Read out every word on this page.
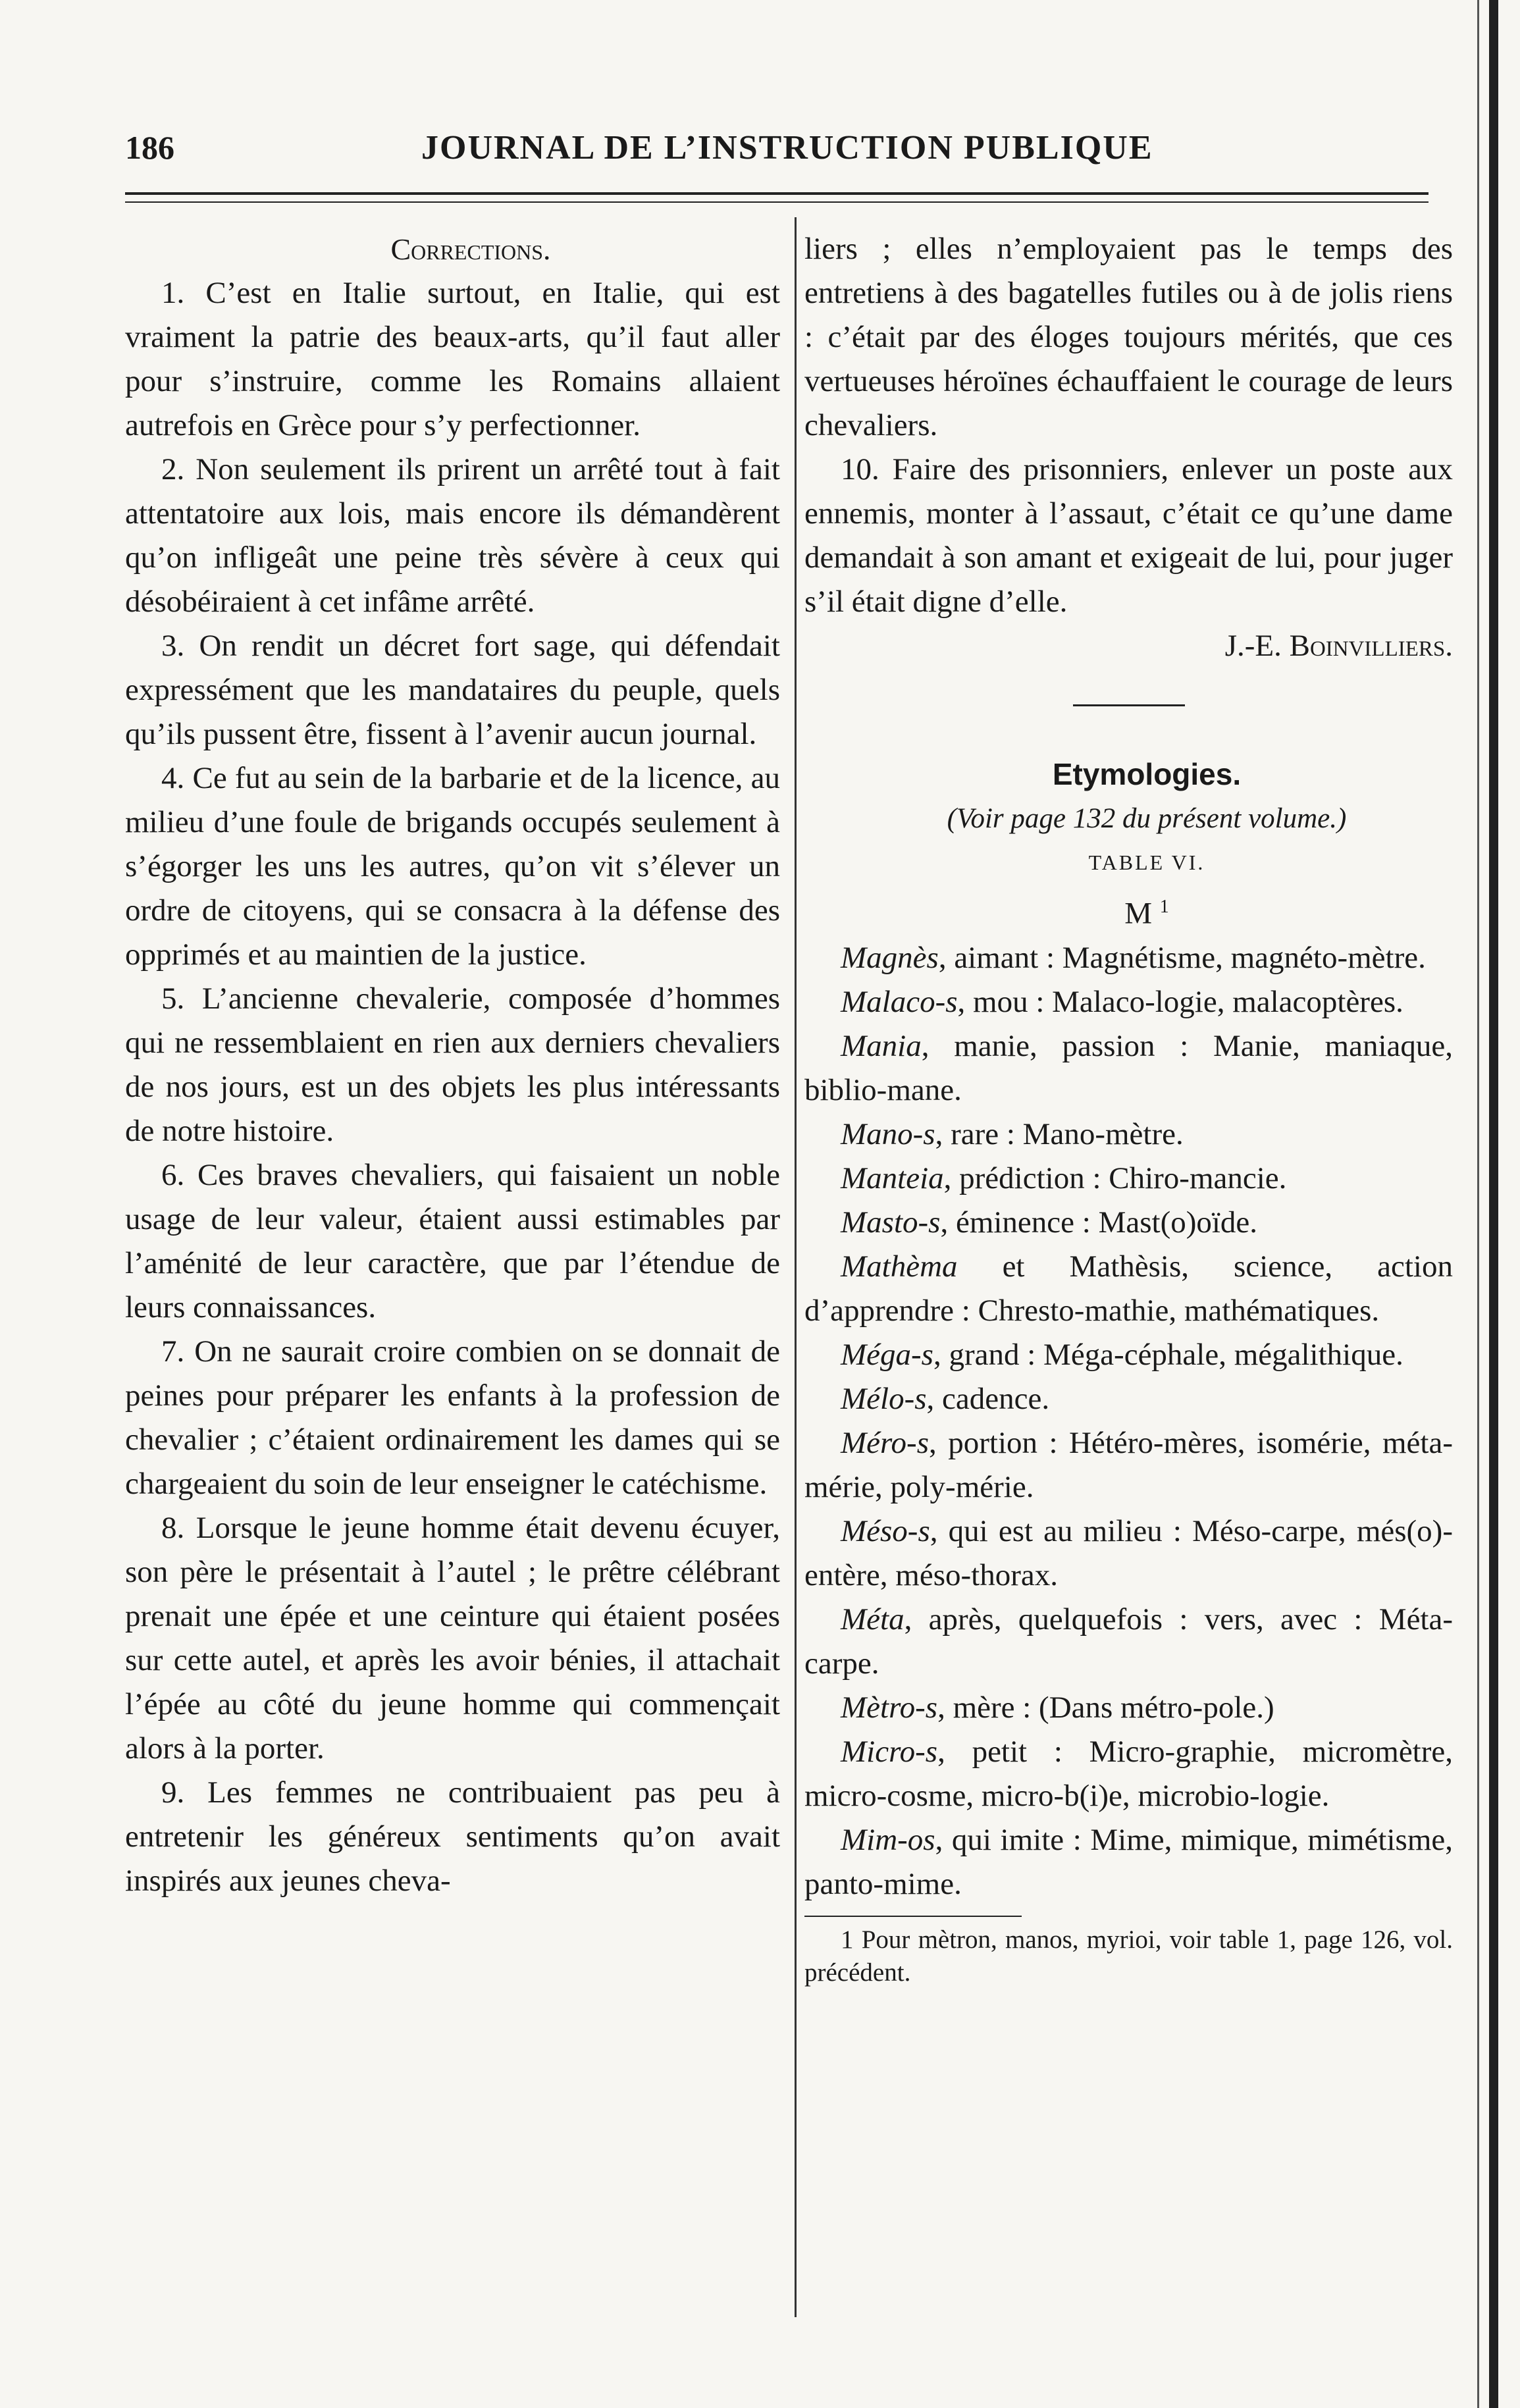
186	JOURNAL DE L’INSTRUCTION PUBLIQUE

Corrections.

1. C’est en Italie surtout, en Italie, qui est vraiment la patrie des beaux-arts, qu’il faut aller pour s’instruire, comme les Romains allaient autrefois en Grèce pour s’y perfectionner.

2. Non seulement ils prirent un arrêté tout à fait attentatoire aux lois, mais encore ils démandèrent qu’on infligeât une peine très sévère à ceux qui désobéiraient à cet infâme arrêté.

3. On rendit un décret fort sage, qui défendait expressément que les mandataires du peuple, quels qu’ils pussent être, fissent à l’avenir aucun journal.

4. Ce fut au sein de la barbarie et de la licence, au milieu d’une foule de brigands occupés seulement à s’égorger les uns les autres, qu’on vit s’élever un ordre de citoyens, qui se consacra à la défense des opprimés et au maintien de la justice.

5. L’ancienne chevalerie, composée d’hommes qui ne ressemblaient en rien aux derniers chevaliers de nos jours, est un des objets les plus intéressants de notre histoire.

6. Ces braves chevaliers, qui faisaient un noble usage de leur valeur, étaient aussi estimables par l’aménité de leur caractère, que par l’étendue de leurs connaissances.

7. On ne saurait croire combien on se donnait de peines pour préparer les enfants à la profession de chevalier ; c’étaient ordinairement les dames qui se chargeaient du soin de leur enseigner le catéchisme.

8. Lorsque le jeune homme était devenu écuyer, son père le présentait à l’autel ; le prêtre célébrant prenait une épée et une ceinture qui étaient posées sur cette autel, et après les avoir bénies, il attachait l’épée au côté du jeune homme qui commençait alors à la porter.

9. Les femmes ne contribuaient pas peu à entretenir les généreux sentiments qu’on avait inspirés aux jeunes cheva-

liers ; elles n’employaient pas le temps des entretiens à des bagatelles futiles ou à de jolis riens : c’était par des éloges toujours mérités, que ces vertueuses héroïnes échauffaient le courage de leurs chevaliers.

10. Faire des prisonniers, enlever un poste aux ennemis, monter à l’assaut, c’était ce qu’une dame demandait à son amant et exigeait de lui, pour juger s’il était digne d’elle.

J.-E. Boinvilliers.

Etymologies.

(Voir page 132 du présent volume.)

TABLE VI.

M $^1$

Magnès, aimant : Magnétisme, magnéto-mètre.

Malaco-s, mou : Malaco-logie, malacoptères.

Mania, manie, passion : Manie, maniaque, biblio-mane.

Mano-s, rare : Mano-mètre.

Manteia, prédiction : Chiro-mancie.

Masto-s, éminence : Mast(o)oïde.

Mathèma et Mathèsis, science, action d’apprendre : Chresto-mathie, mathématiques.

Méga-s, grand : Méga-céphale, mégalithique.

Mélo-s, cadence.

Méro-s, portion : Hétéro-mères, isomérie, méta-mérie, poly-mérie.

Méso-s, qui est au milieu : Méso-carpe, més(o)-entère, méso-thorax.

Méta, après, quelquefois : vers, avec : Méta-carpe.

Mètro-s, mère : (Dans métro-pole.)

Micro-s, petit : Micro-graphie, micromètre, micro-cosme, micro-b(i)e, microbio-logie.

Mim-os, qui imite : Mime, mimique, mimétisme, panto-mime.

1 Pour mètron, manos, myrioi, voir table 1, page 126, vol. précédent.
